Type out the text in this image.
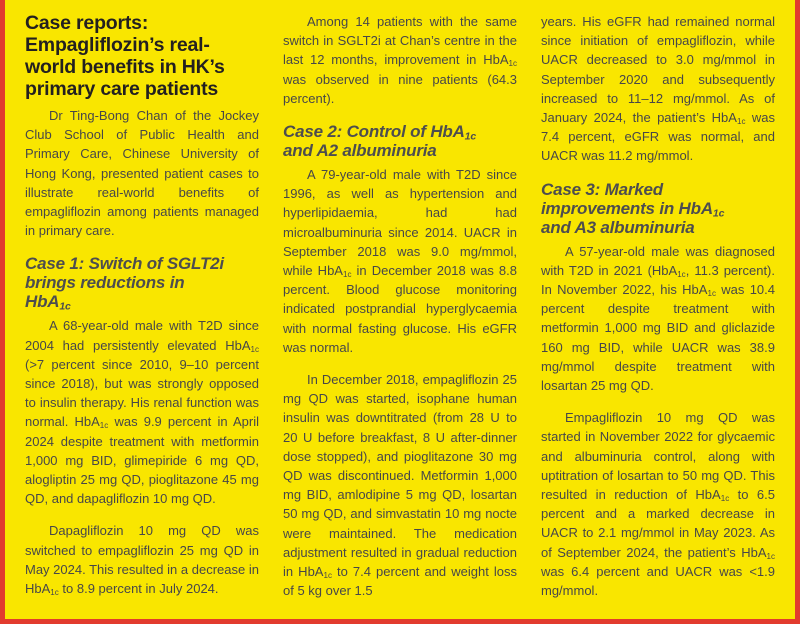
Case reports:
Empagliflozin’s real-
world benefits in HK’s
primary care patients

Dr Ting-Bong Chan of the Jockey Club School of Public Health and Primary Care, Chinese University of Hong Kong, presented patient cases to illustrate real-world benefits of empagliflozin among patients managed in primary care.

Case 1: Switch of SGLT2i
brings reductions in
HbA$_{1c}$

A 68-year-old male with T2D since 2004 had persistently elevated HbA$_{1c}$ (>7 percent since 2010, 9–10 percent since 2018), but was strongly opposed to insulin therapy. His renal function was normal. HbA$_{1c}$ was 9.9 percent in April 2024 despite treatment with metformin 1,000 mg BID, glimepiride 6 mg QD, alogliptin 25 mg QD, pioglitazone 45 mg QD, and dapagliflozin 10 mg QD.

Dapagliflozin 10 mg QD was switched to empagliflozin 25 mg QD in May 2024. This resulted in a decrease in HbA$_{1c}$ to 8.9 percent in July 2024.

Among 14 patients with the same switch in SGLT2i at Chan’s centre in the last 12 months, improvement in HbA$_{1c}$ was observed in nine patients (64.3 percent).

Case 2: Control of HbA$_{1c}$
and A2 albuminuria

A 79-year-old male with T2D since 1996, as well as hypertension and hyperlipidaemia, had had microalbuminuria since 2014. UACR in September 2018 was 9.0 mg/mmol, while HbA$_{1c}$ in December 2018 was 8.8 percent. Blood glucose monitoring indicated postprandial hyperglycaemia with normal fasting glucose. His eGFR was normal.

In December 2018, empagliflozin 25 mg QD was started, isophane human insulin was downtitrated (from 28 U to 20 U before breakfast, 8 U after-dinner dose stopped), and pioglitazone 30 mg QD was discontinued. Metformin 1,000 mg BID, amlodipine 5 mg QD, losartan 50 mg QD, and simvastatin 10 mg nocte were maintained. The medication adjustment resulted in gradual reduction in HbA$_{1c}$ to 7.4 percent and weight loss of 5 kg over 1.5

years. His eGFR had remained normal since initiation of empagliflozin, while UACR decreased to 3.0 mg/mmol in September 2020 and subsequently increased to 11–12 mg/mmol. As of January 2024, the patient’s HbA$_{1c}$ was 7.4 percent, eGFR was normal, and UACR was 11.2 mg/mmol.

Case 3: Marked
improvements in HbA$_{1c}$
and A3 albuminuria

A 57-year-old male was diagnosed with T2D in 2021 (HbA$_{1c}$, 11.3 percent). In November 2022, his HbA$_{1c}$ was 10.4 percent despite treatment with metformin 1,000 mg BID and gliclazide 160 mg BID, while UACR was 38.9 mg/mmol despite treatment with losartan 25 mg QD.

Empagliflozin 10 mg QD was started in November 2022 for glycaemic and albuminuria control, along with uptitration of losartan to 50 mg QD. This resulted in reduction of HbA$_{1c}$ to 6.5 percent and a marked decrease in UACR to 2.1 mg/mmol in May 2023. As of September 2024, the patient’s HbA$_{1c}$ was 6.4 percent and UACR was <1.9 mg/mmol.
